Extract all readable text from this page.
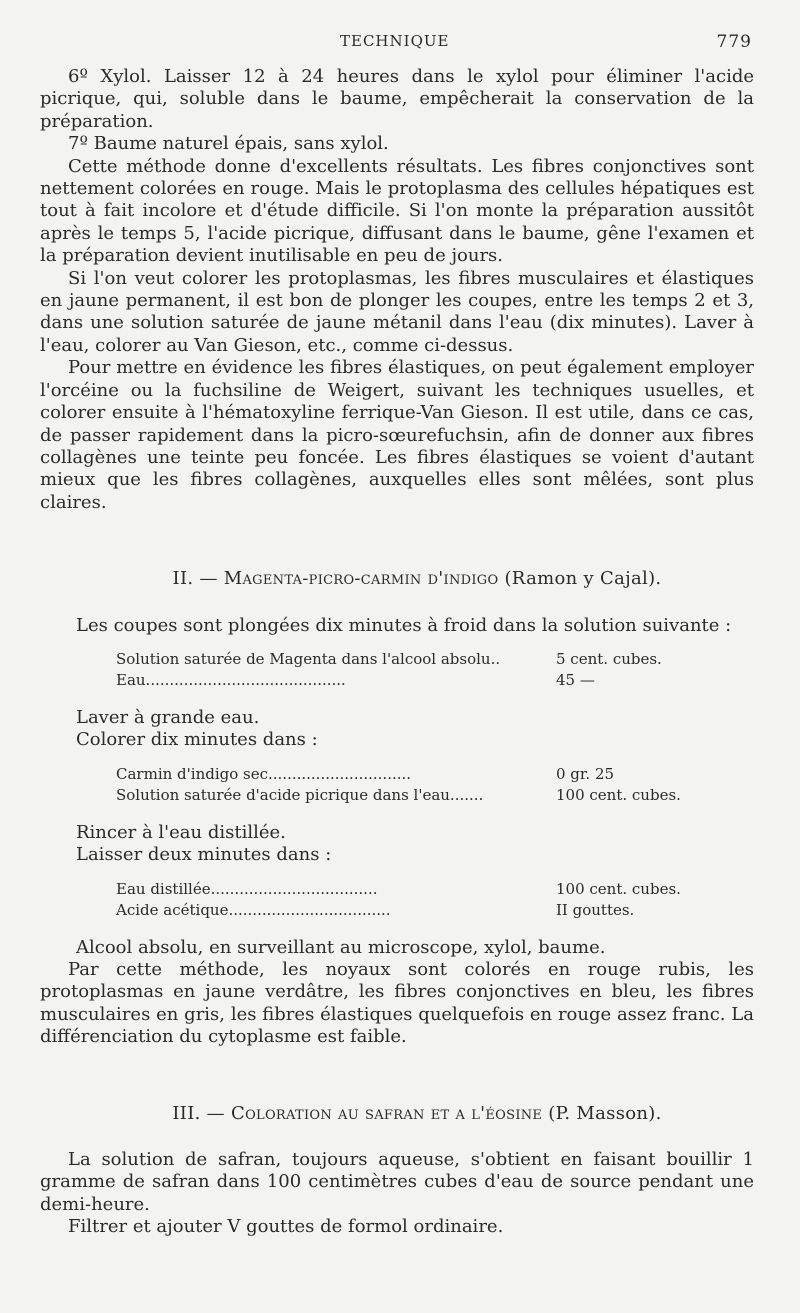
TECHNIQUE	779

6º Xylol. Laisser 12 à 24 heures dans le xylol pour éliminer l'acide picrique, qui, soluble dans le baume, empêcherait la conservation de la préparation.

7º Baume naturel épais, sans xylol.

Cette méthode donne d'excellents résultats. Les fibres conjonctives sont nettement colorées en rouge. Mais le protoplasma des cellules hépatiques est tout à fait incolore et d'étude difficile. Si l'on monte la préparation aussitôt après le temps 5, l'acide picrique, diffusant dans le baume, gêne l'examen et la préparation devient inutilisable en peu de jours.

Si l'on veut colorer les protoplasmas, les fibres musculaires et élastiques en jaune permanent, il est bon de plonger les coupes, entre les temps 2 et 3, dans une solution saturée de jaune métanil dans l'eau (dix minutes). Laver à l'eau, colorer au Van Gieson, etc., comme ci-dessus.

Pour mettre en évidence les fibres élastiques, on peut également employer l'orcéine ou la fuchsiline de Weigert, suivant les techniques usuelles, et colorer ensuite à l'hématoxyline ferrique-Van Gieson. Il est utile, dans ce cas, de passer rapidement dans la picro-sœurefuchsin, afin de donner aux fibres collagènes une teinte peu foncée. Les fibres élastiques se voient d'autant mieux que les fibres collagènes, auxquelles elles sont mêlées, sont plus claires.

II. — Magenta-picro-carmin d'indigo (Ramon y Cajal).

Les coupes sont plongées dix minutes à froid dans la solution suivante :

Solution saturée de Magenta dans l'alcool absolu..	5 cent. cubes.
Eau..........................................	45 —

Laver à grande eau.

Colorer dix minutes dans :

Carmin d'indigo sec..............................	0 gr. 25
Solution saturée d'acide picrique dans l'eau.......	100 cent. cubes.

Rincer à l'eau distillée.

Laisser deux minutes dans :

Eau distillée...................................	100 cent. cubes.
Acide acétique..................................	II gouttes.

Alcool absolu, en surveillant au microscope, xylol, baume.

Par cette méthode, les noyaux sont colorés en rouge rubis, les protoplasmas en jaune verdâtre, les fibres conjonctives en bleu, les fibres musculaires en gris, les fibres élastiques quelquefois en rouge assez franc. La différenciation du cytoplasme est faible.

III. — Coloration au safran et a l'éosine (P. Masson).

La solution de safran, toujours aqueuse, s'obtient en faisant bouillir 1 gramme de safran dans 100 centimètres cubes d'eau de source pendant une demi-heure.

Filtrer et ajouter V gouttes de formol ordinaire.
